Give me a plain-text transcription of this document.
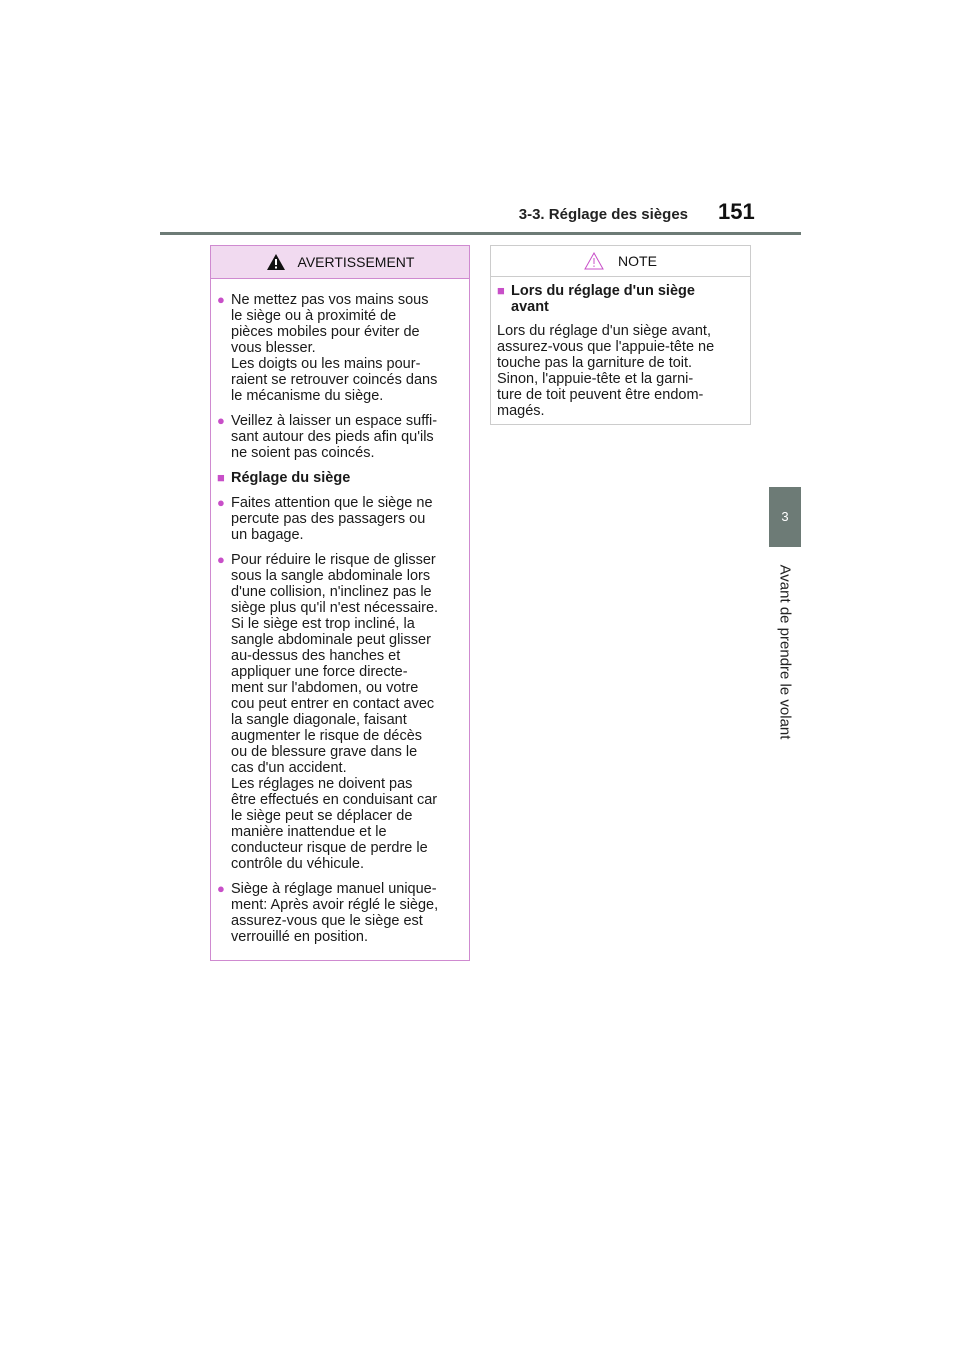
3-3. Réglage des sièges 151
3
Avant de prendre le volant
AVERTISSEMENT
● Ne mettez pas vos mains sous
le siège ou à proximité de
pièces mobiles pour éviter de
vous blesser.
Les doigts ou les mains pour-
raient se retrouver coincés dans
le mécanisme du siège.
● Veillez à laisser un espace suffi-
sant autour des pieds afin qu'ils
ne soient pas coincés.
■ Réglage du siège
● Faites attention que le siège ne
percute pas des passagers ou
un bagage.
● Pour réduire le risque de glisser
sous la sangle abdominale lors
d'une collision, n'inclinez pas le
siège plus qu'il n'est nécessaire.
Si le siège est trop incliné, la
sangle abdominale peut glisser
au-dessus des hanches et
appliquer une force directe-
ment sur l'abdomen, ou votre
cou peut entrer en contact avec
la sangle diagonale, faisant
augmenter le risque de décès
ou de blessure grave dans le
cas d'un accident.
Les réglages ne doivent pas
être effectués en conduisant car
le siège peut se déplacer de
manière inattendue et le
conducteur risque de perdre le
contrôle du véhicule.
● Siège à réglage manuel unique-
ment: Après avoir réglé le siège,
assurez-vous que le siège est
verrouillé en position.
NOTE
■ Lors du réglage d'un siège
avant
Lors du réglage d'un siège avant,
assurez-vous que l'appuie-tête ne
touche pas la garniture de toit.
Sinon, l'appuie-tête et la garni-
ture de toit peuvent être endom-
magés.
